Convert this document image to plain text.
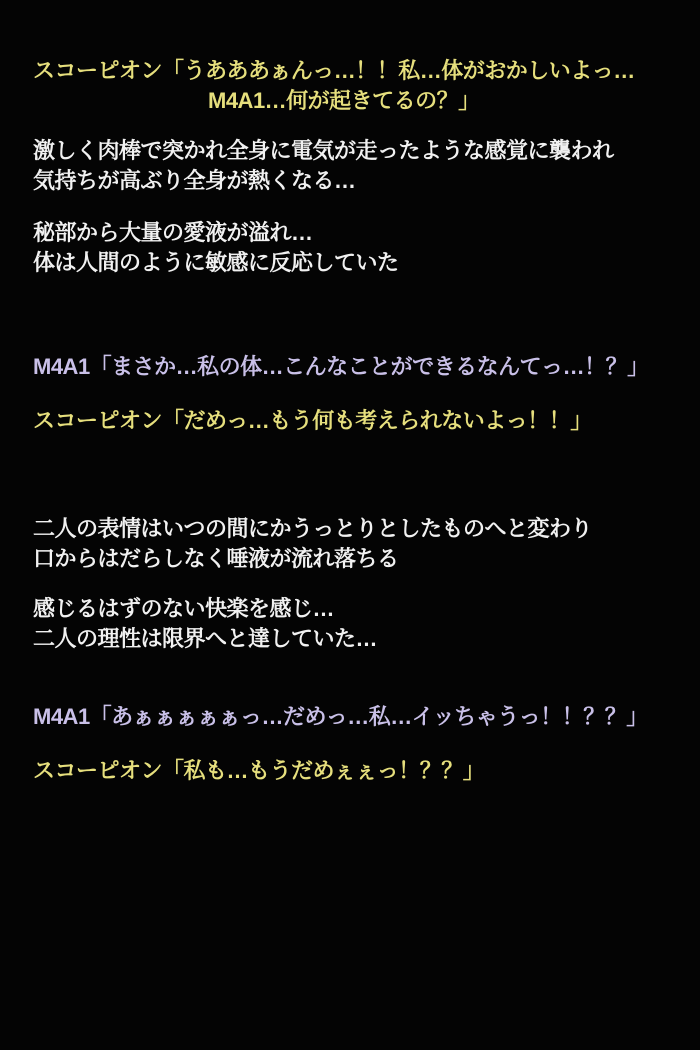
スコーピオン「うあああぁんっ…！！私…体がおかしいよっ…

M4A1…何が起きてるの？」

激しく肉棒で突かれ全身に電気が走ったような感覚に襲われ

気持ちが高ぶり全身が熱くなる…

秘部から大量の愛液が溢れ…

体は人間のように敏感に反応していた

M4A1「まさか…私の体…こんなことができるなんてっ…！？」

スコーピオン「だめっ…もう何も考えられないよっ！！」

二人の表情はいつの間にかうっとりとしたものへと変わり

口からはだらしなく唾液が流れ落ちる

感じるはずのない快楽を感じ…

二人の理性は限界へと達していた…

M4A1「あぁぁぁぁぁっ…だめっ…私…イッちゃうっ！！？？」

スコーピオン「私も…もうだめぇぇっ！？？」
